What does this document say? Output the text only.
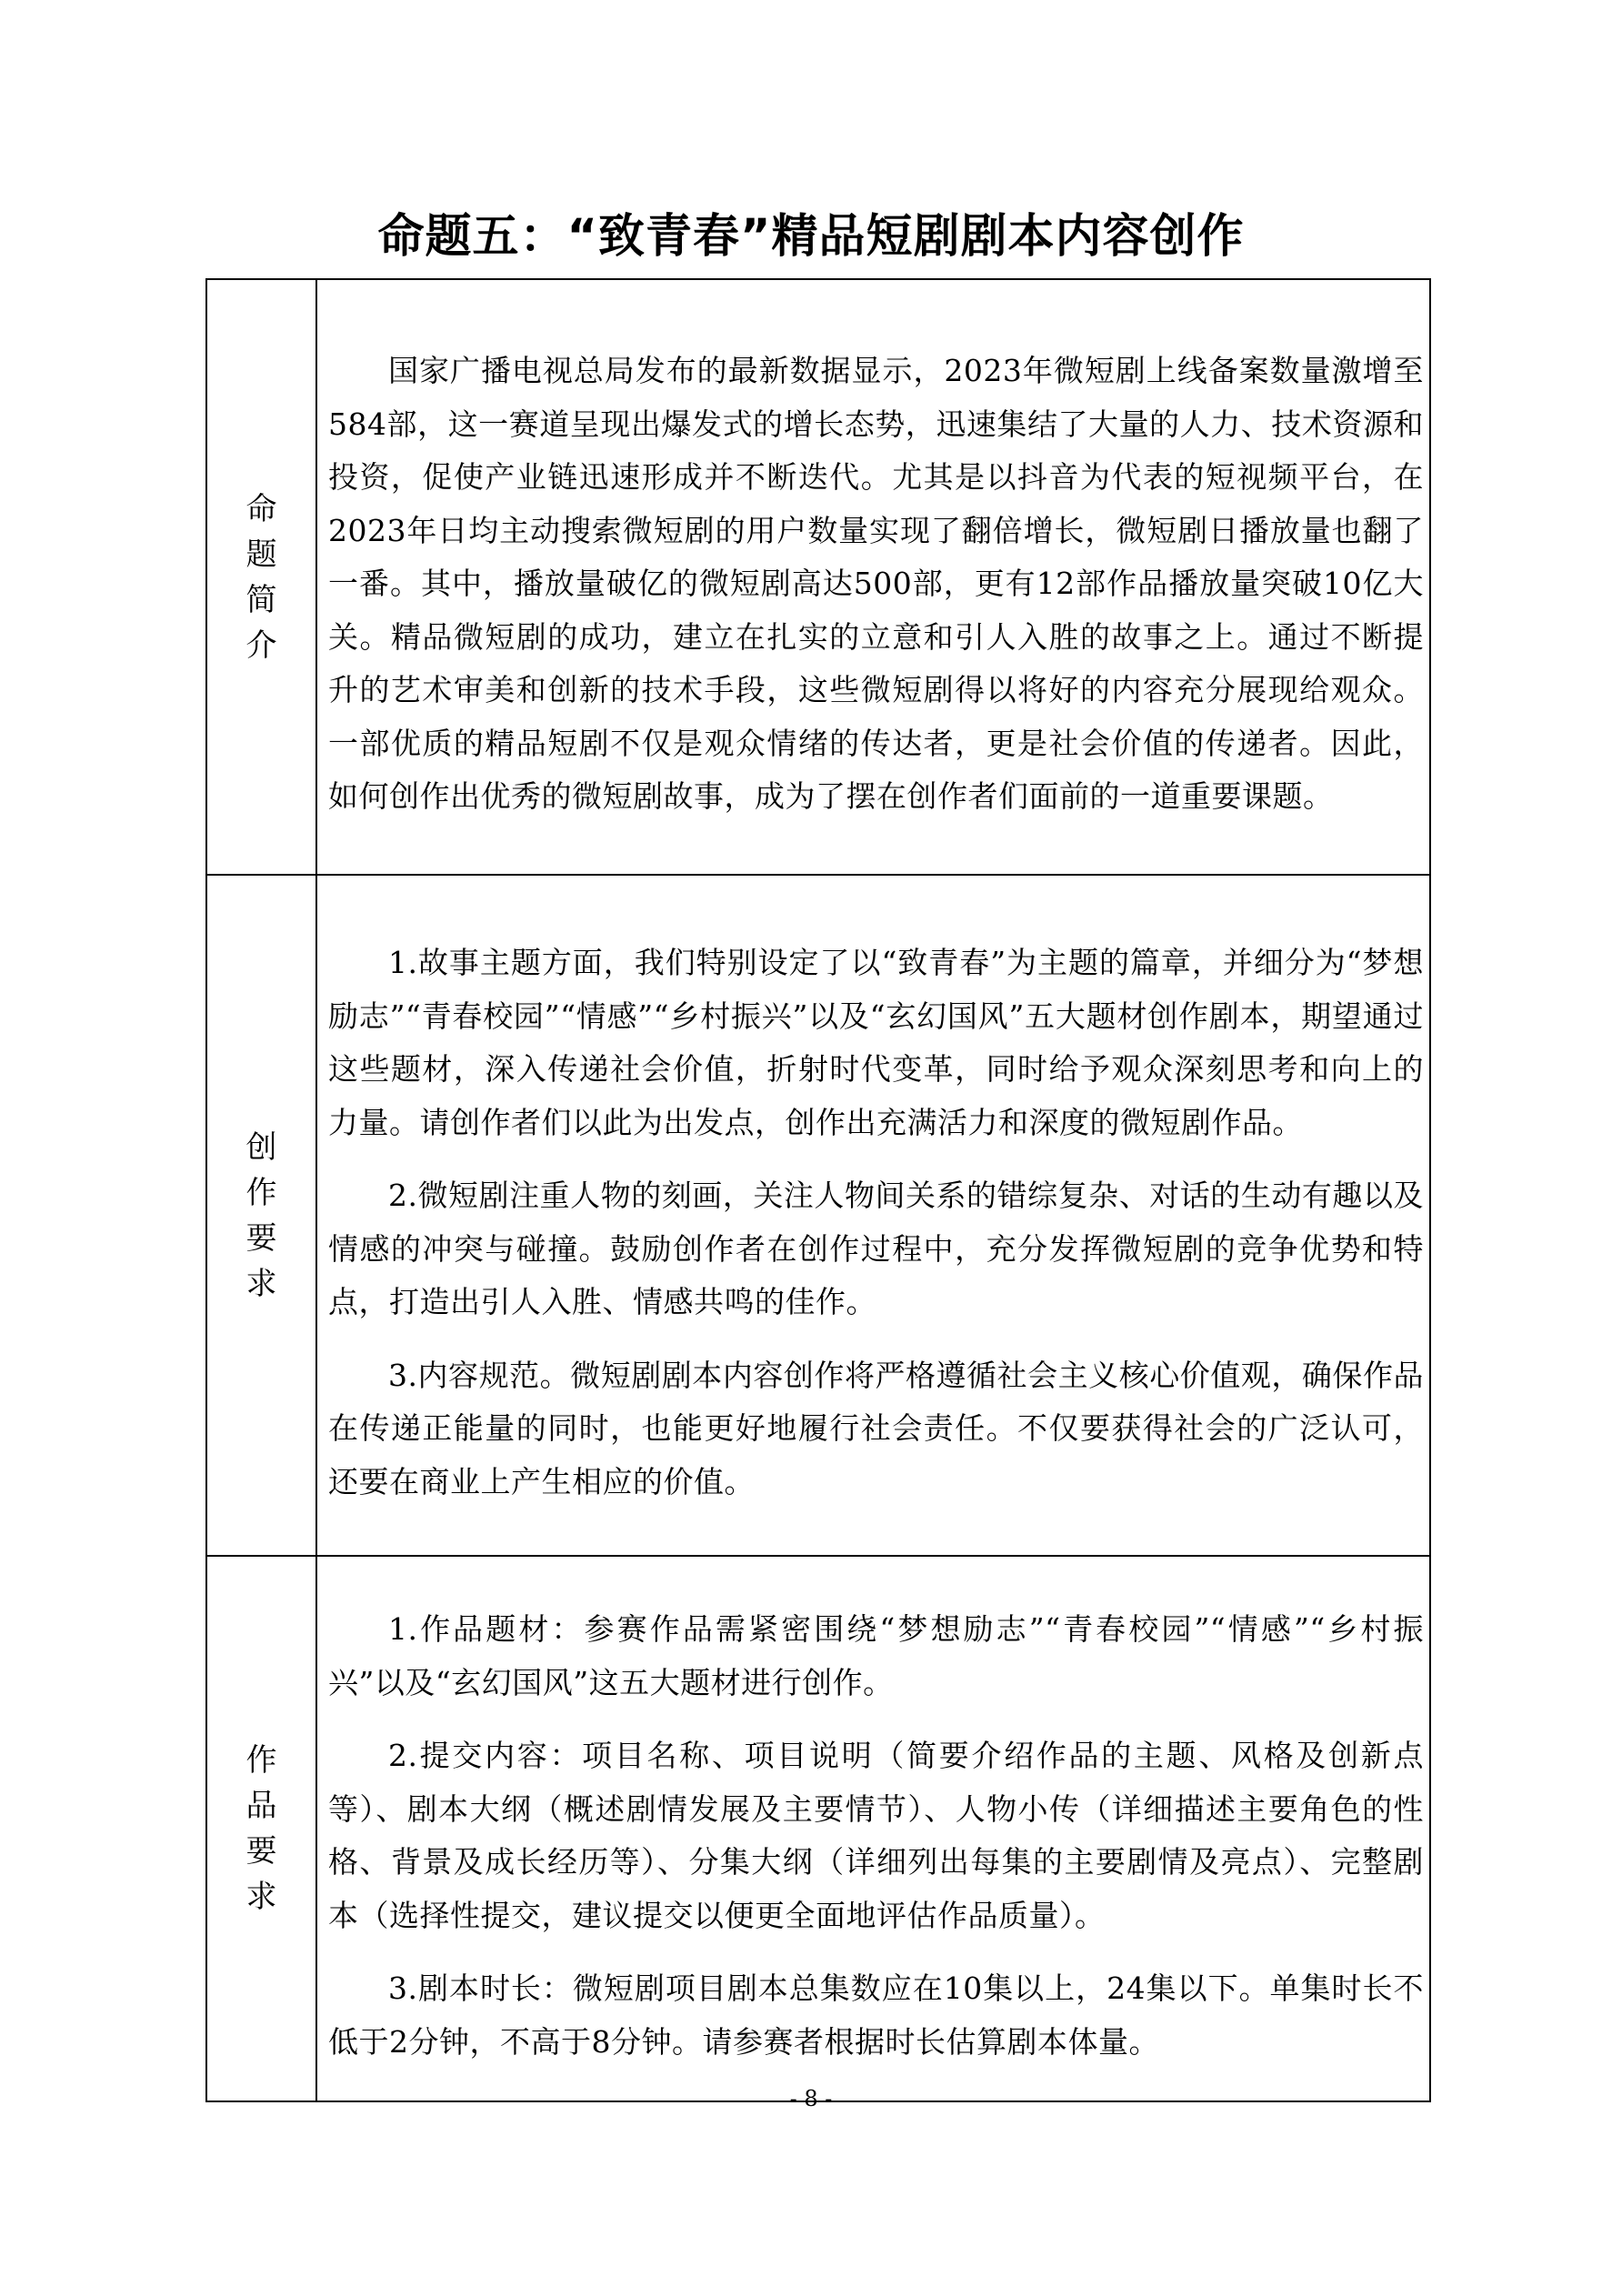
命题五：“致青春”精品短剧剧本内容创作
命题简介	国家广播电视总局发布的最新数据显示，2023年微短剧上线备案数量激增至584部，这一赛道呈现出爆发式的增长态势，迅速集结了大量的人力、技术资源和投资，促使产业链迅速形成并不断迭代。尤其是以抖音为代表的短视频平台，在2023年日均主动搜索微短剧的用户数量实现了翻倍增长，微短剧日播放量也翻了一番。其中，播放量破亿的微短剧高达500部，更有12部作品播放量突破10亿大关。精品微短剧的成功，建立在扎实的立意和引人入胜的故事之上。通过不断提升的艺术审美和创新的技术手段，这些微短剧得以将好的内容充分展现给观众。一部优质的精品短剧不仅是观众情绪的传达者，更是社会价值的传递者。因此，如何创作出优秀的微短剧故事，成为了摆在创作者们面前的一道重要课题。

创作要求	1.故事主题方面，我们特别设定了以“致青春”为主题的篇章，并细分为“梦想励志”“青春校园”“情感”“乡村振兴”以及“玄幻国风”五大题材创作剧本，期望通过这些题材，深入传递社会价值，折射时代变革，同时给予观众深刻思考和向上的力量。请创作者们以此为出发点，创作出充满活力和深度的微短剧作品。

2.微短剧注重人物的刻画，关注人物间关系的错综复杂、对话的生动有趣以及情感的冲突与碰撞。鼓励创作者在创作过程中，充分发挥微短剧的竞争优势和特点，打造出引人入胜、情感共鸣的佳作。

3.内容规范。微短剧剧本内容创作将严格遵循社会主义核心价值观，确保作品在传递正能量的同时，也能更好地履行社会责任。不仅要获得社会的广泛认可，还要在商业上产生相应的价值。

作品要求	1.作品题材：参赛作品需紧密围绕“梦想励志”“青春校园”“情感”“乡村振兴”以及“玄幻国风”这五大题材进行创作。

2.提交内容：项目名称、项目说明（简要介绍作品的主题、风格及创新点等）、剧本大纲（概述剧情发展及主要情节）、人物小传（详细描述主要角色的性格、背景及成长经历等）、分集大纲（详细列出每集的主要剧情及亮点）、完整剧本（选择性提交，建议提交以便更全面地评估作品质量）。

3.剧本时长：微短剧项目剧本总集数应在10集以上，24集以下。单集时长不低于2分钟，不高于8分钟。请参赛者根据时长估算剧本体量。

- 8 -
